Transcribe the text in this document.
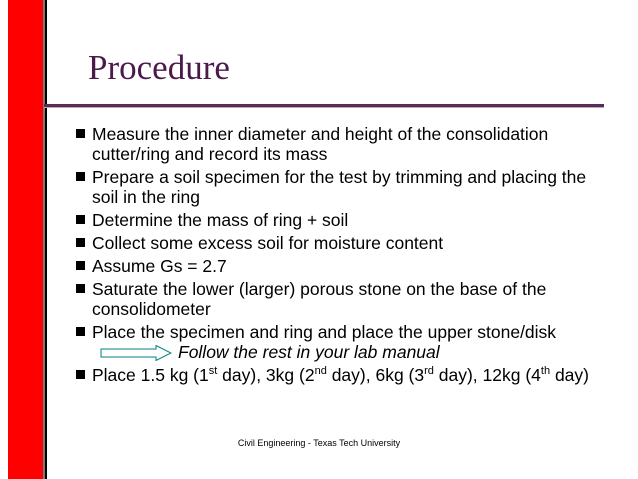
Procedure
Measure the inner diameter and height of the consolidation cutter/ring and record its mass
Prepare a soil specimen for the test by trimming and placing the soil in the ring
Determine the mass of ring + soil
Collect some excess soil for moisture content
Assume Gs = 2.7
Saturate the lower (larger) porous stone on the base of the consolidometer
Place the specimen and ring and place the upper stone/diskFollow the rest in your lab manual
Place 1.5 kg (1st day), 3kg (2nd day), 6kg (3rd day), 12kg (4th day)
Civil Engineering - Texas Tech University
